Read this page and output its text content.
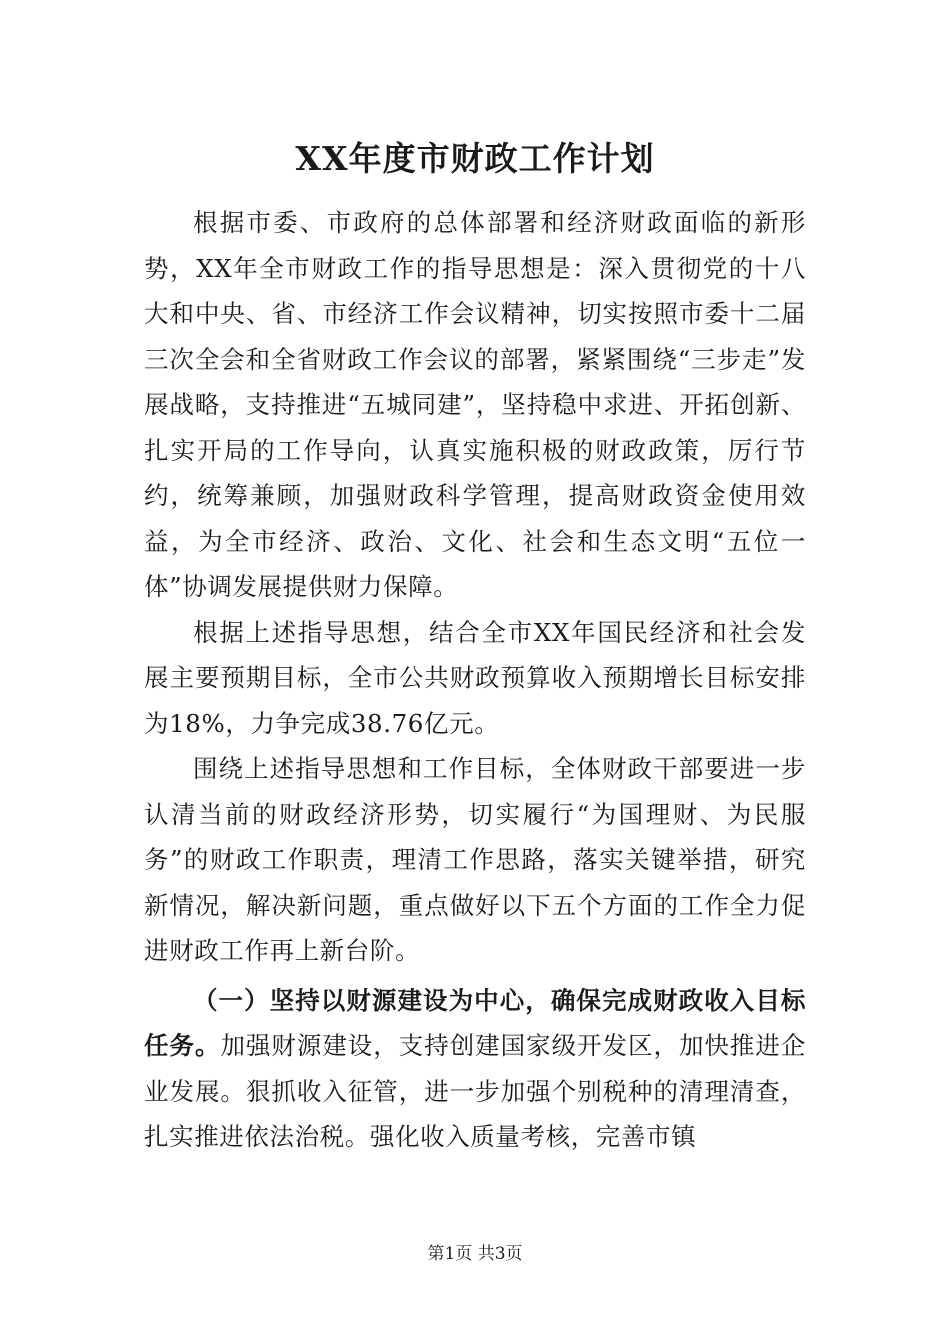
XX年度市财政工作计划

根据市委、市政府的总体部署和经济财政面临的新形势，XX年全市财政工作的指导思想是：深入贯彻党的十八大和中央、省、市经济工作会议精神，切实按照市委十二届三次全会和全省财政工作会议的部署，紧紧围绕“三步走”发展战略，支持推进“五城同建”，坚持稳中求进、开拓创新、扎实开局的工作导向，认真实施积极的财政政策，厉行节约，统筹兼顾，加强财政科学管理，提高财政资金使用效益，为全市经济、政治、文化、社会和生态文明“五位一体”协调发展提供财力保障。

根据上述指导思想，结合全市XX年国民经济和社会发展主要预期目标，全市公共财政预算收入预期增长目标安排为18%，力争完成38.76亿元。

围绕上述指导思想和工作目标，全体财政干部要进一步认清当前的财政经济形势，切实履行“为国理财、为民服务”的财政工作职责，理清工作思路，落实关键举措，研究新情况，解决新问题，重点做好以下五个方面的工作全力促进财政工作再上新台阶。

（一）坚持以财源建设为中心，确保完成财政收入目标任务。加强财源建设，支持创建国家级开发区，加快推进企业发展。狠抓收入征管，进一步加强个别税种的清理清查，扎实推进依法治税。强化收入质量考核，完善市镇

第1页 共3页
